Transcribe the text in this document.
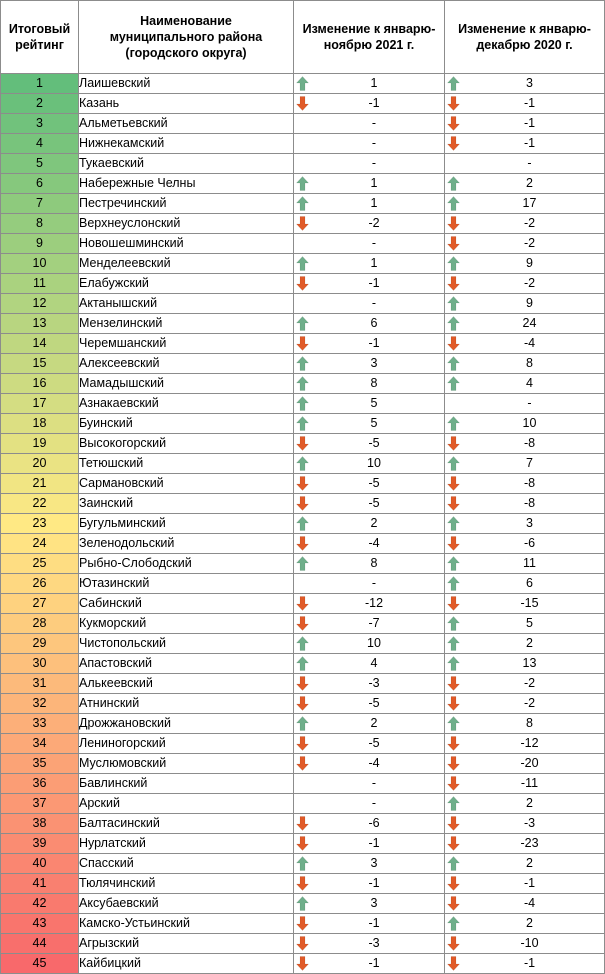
Итоговый
рейтинг	Наименование
муниципального района
(городского округа)	Изменение к январю-
ноябрю 2021 г.	Изменение к январю-
декабрю 2020 г.
1	Лаишевский	1	3

2	Казань	-1	-1

3	Альметьевский	-	-1

4	Нижнекамский	-	-1

5	Тукаевский	-	-

6	Набережные Челны	1	2

7	Пестречинский	1	17

8	Верхнеуслонский	-2	-2

9	Новошешминский	-	-2

10	Менделеевский	1	9

11	Елабужский	-1	-2

12	Актанышский	-	9

13	Мензелинский	6	24

14	Черемшанский	-1	-4

15	Алексеевский	3	8

16	Мамадышский	8	4

17	Азнакаевский	5	-

18	Буинский	5	10

19	Высокогорский	-5	-8

20	Тетюшский	10	7

21	Сармановский	-5	-8

22	Заинский	-5	-8

23	Бугульминский	2	3

24	Зеленодольский	-4	-6

25	Рыбно-Слободский	8	11

26	Ютазинский	-	6

27	Сабинский	-12	-15

28	Кукморский	-7	5

29	Чистопольский	10	2

30	Апастовский	4	13

31	Алькеевский	-3	-2

32	Атнинский	-5	-2

33	Дрожжановский	2	8

34	Лениногорский	-5	-12

35	Муслюмовский	-4	-20

36	Бавлинский	-	-11

37	Арский	-	2

38	Балтасинский	-6	-3

39	Нурлатский	-1	-23

40	Спасский	3	2

41	Тюлячинский	-1	-1

42	Аксубаевский	3	-4

43	Камско-Устьинский	-1	2

44	Агрызский	-3	-10

45	Кайбицкий	-1	-1
